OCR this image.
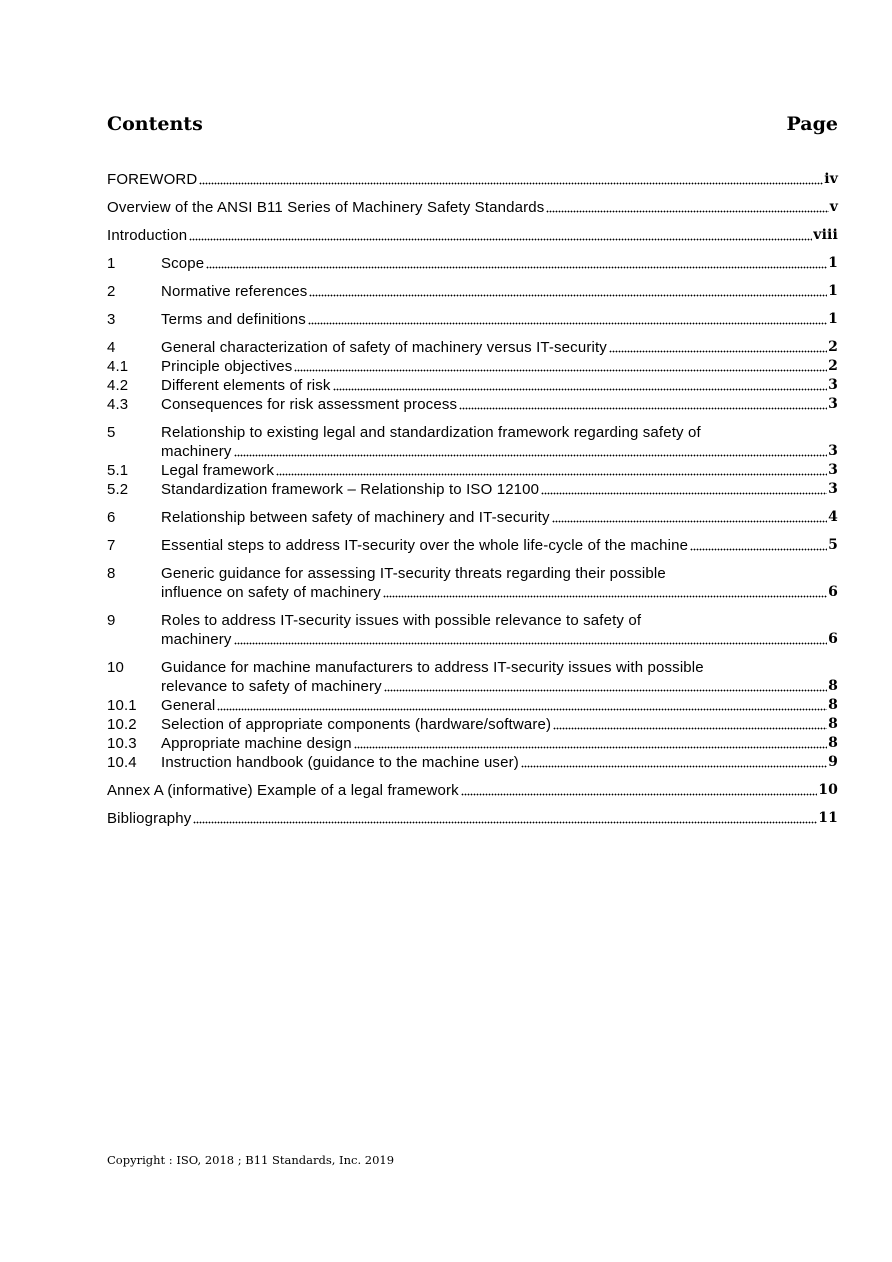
Contents	Page
FOREWORD	iv
Overview of the ANSI B11 Series of Machinery Safety Standards	v
Introduction	viii
1	Scope	1
2	Normative references	1
3	Terms and definitions	1
4	General characterization of safety of machinery versus IT-security	2
4.1	Principle objectives	2
4.2	Different elements of risk	3
4.3	Consequences for risk assessment process	3
5	Relationship to existing legal and standardization framework regarding safety of
machinery	3
5.1	Legal framework	3
5.2	Standardization framework – Relationship to ISO 12100	3
6	Relationship between safety of machinery and IT-security	4
7	Essential steps to address IT-security over the whole life-cycle of the machine	5
8	Generic guidance for assessing IT-security threats regarding their possible
influence on safety of machinery	6
9	Roles to address IT-security issues with possible relevance to safety of
machinery	6
10	Guidance for machine manufacturers to address IT-security issues with possible
relevance to safety of machinery	8
10.1	General	8
10.2	Selection of appropriate components (hardware/software)	8
10.3	Appropriate machine design	8
10.4	Instruction handbook (guidance to the machine user)	9
Annex A (informative) Example of a legal framework	10
Bibliography	11
Copyright : ISO, 2018 ; B11 Standards, Inc. 2019
